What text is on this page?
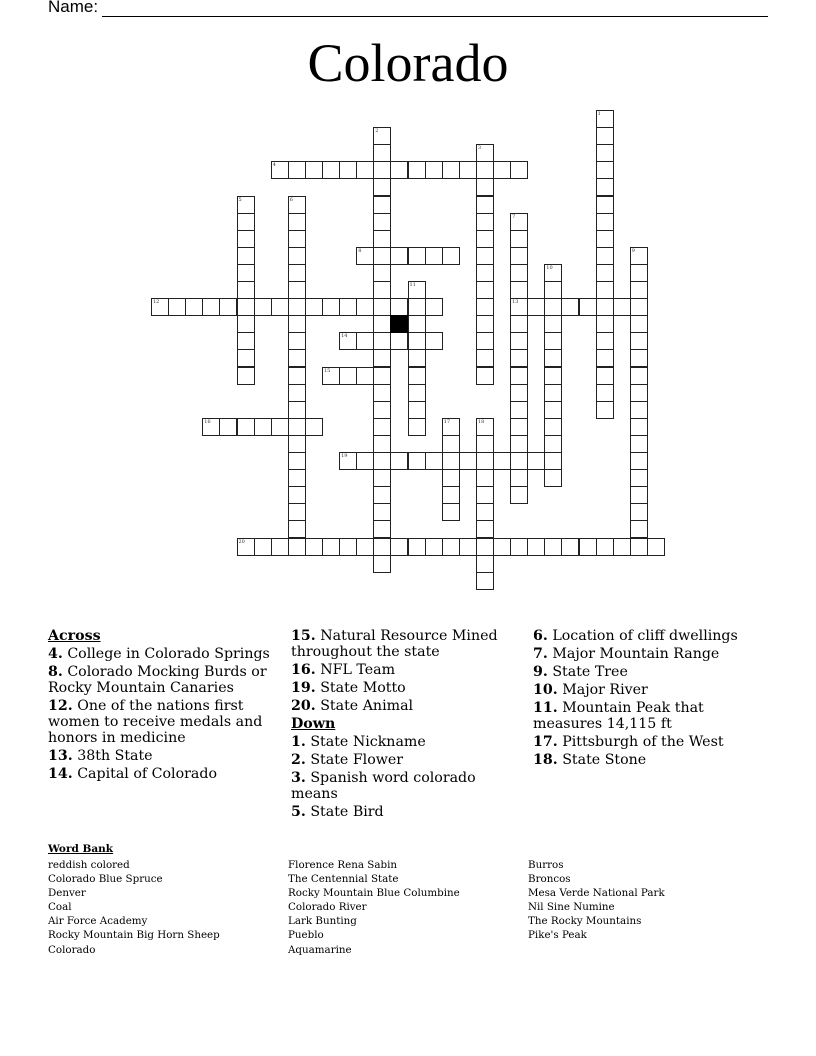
Name:
Colorado
1
2
3
4
5	6
7
13
8	9
10
11
12
14
15
16	17	18
19
20
Across
4. College in Colorado Springs
8. Colorado Mocking Burds or Rocky Mountain Canaries
12. One of the nations first women to receive medals and honors in medicine
13. 38th State
14. Capital of Colorado
15. Natural Resource Mined throughout the state
16. NFL Team
19. State Motto
20. State Animal
Down
1. State Nickname
2. State Flower
3. Spanish word colorado means
5. State Bird
6. Location of cliff dwellings
7. Major Mountain Range
9. State Tree
10. Major River
11. Mountain Peak that measures 14,115 ft
17. Pittsburgh of the West
18. State Stone
Word Bank
reddish colored
Colorado Blue Spruce
Denver
Coal
Air Force Academy
Rocky Mountain Big Horn Sheep
Colorado
Florence Rena Sabin
The Centennial State
Rocky Mountain Blue Columbine
Colorado River
Lark Bunting
Pueblo
Aquamarine
Burros
Broncos
Mesa Verde National Park
Nil Sine Numine
The Rocky Mountains
Pike's Peak
